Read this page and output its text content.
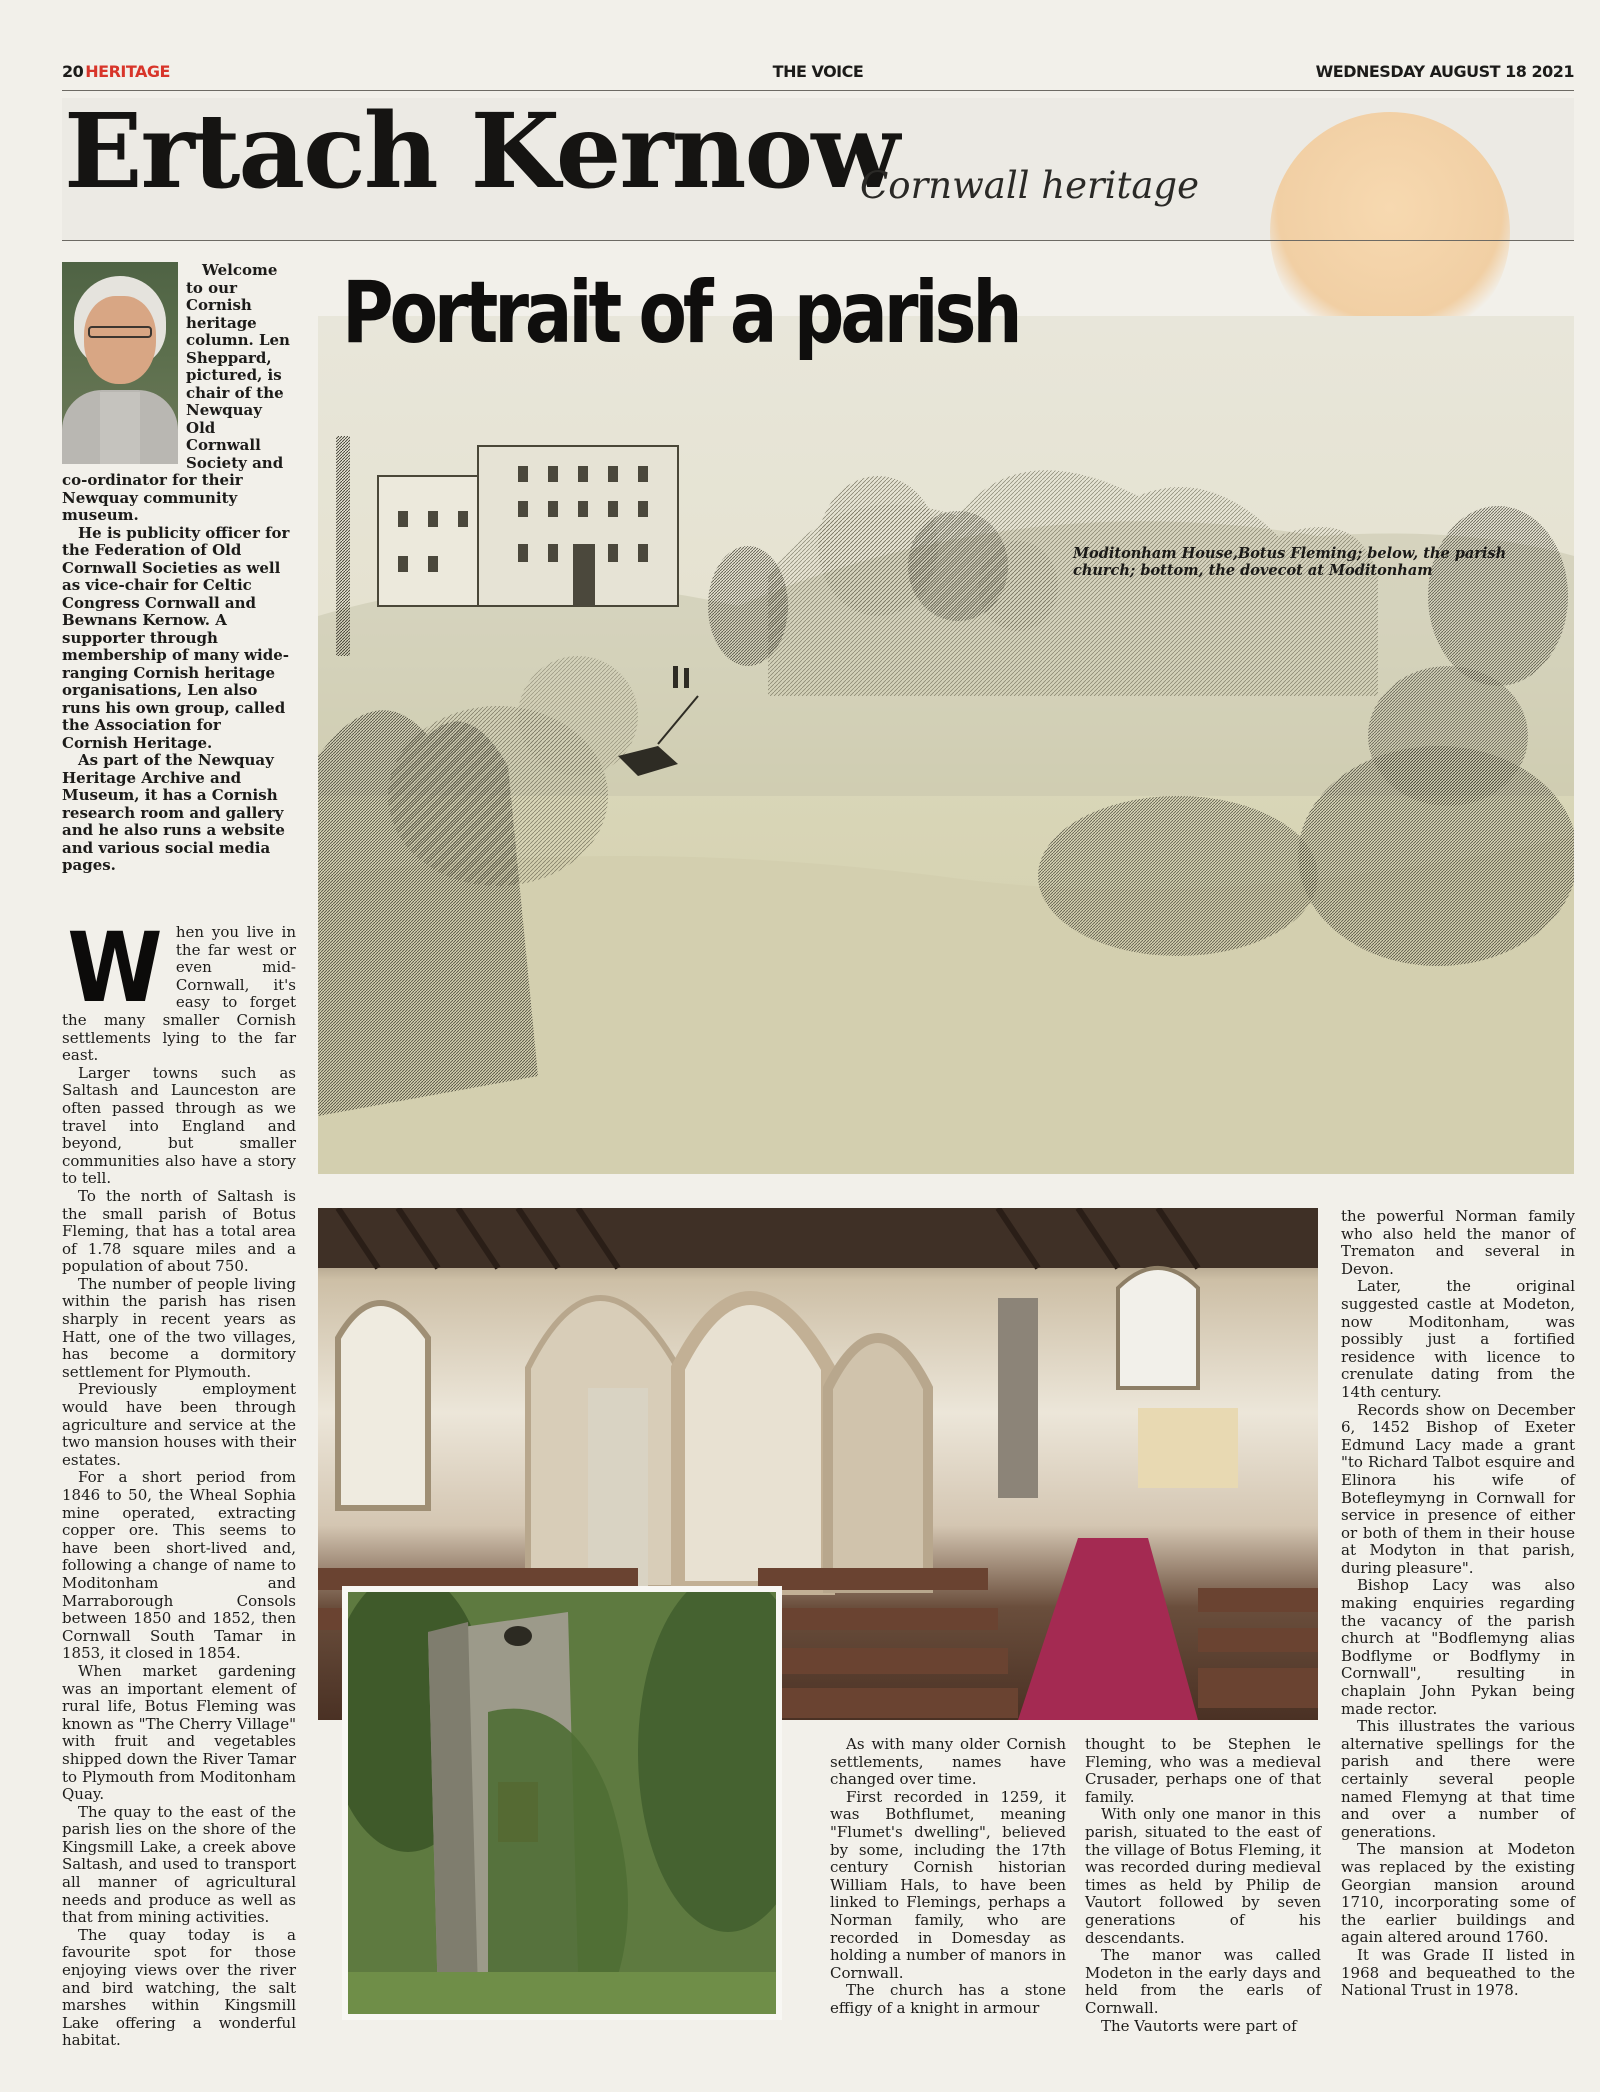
20 HERITAGE	THE VOICE	WEDNESDAY AUGUST 18 2021
Ertach Kernow
Cornwall heritage

Welcome to our Cornish heritage column. Len Sheppard, pictured, is chair of the Newquay Old Cornwall Society and co-ordinator for their Newquay community museum.

He is publicity officer for the Federation of Old Cornwall Societies as well as vice-chair for Celtic Congress Cornwall and Bewnans Kernow. A supporter through membership of many wide-ranging Cornish heritage organisations, Len also runs his own group, called the Association for Cornish Heritage.

As part of the Newquay Heritage Archive and Museum, it has a Cornish research room and gallery and he also runs a website and various social media pages.

Moditonham House,Botus Fleming; below, the parish church; bottom, the dovecot at Moditonham
Portrait of a parish

When you live in the far west or even mid-Cornwall, it's easy to forget the many smaller Cornish settlements lying to the far east.

Larger towns such as Saltash and Launceston are often passed through as we travel into England and beyond, but smaller communities also have a story to tell.

To the north of Saltash is the small parish of Botus Fleming, that has a total area of 1.78 square miles and a population of about 750.

The number of people living within the parish has risen sharply in recent years as Hatt, one of the two villages, has become a dormitory settlement for Plymouth.

Previously employment would have been through agriculture and service at the two mansion houses with their estates.

For a short period from 1846 to 50, the Wheal Sophia mine operated, extracting copper ore. This seems to have been short-lived and, following a change of name to Moditonham and Marraborough Consols between 1850 and 1852, then Cornwall South Tamar in 1853, it closed in 1854.

When market gardening was an important element of rural life, Botus Fleming was known as "The Cherry Village" with fruit and vegetables shipped down the River Tamar to Plymouth from Moditonham Quay.

The quay to the east of the parish lies on the shore of the Kingsmill Lake, a creek above Saltash, and used to transport all manner of agricultural needs and produce as well as that from mining activities.

The quay today is a favourite spot for those enjoying views over the river and bird watching, the salt marshes within Kingsmill Lake offering a wonderful habitat.

As with many older Cornish settlements, names have changed over time.

First recorded in 1259, it was Bothflumet, meaning "Flumet's dwelling", believed by some, including the 17th century Cornish historian William Hals, to have been linked to Flemings, perhaps a Norman family, who are recorded in Domesday as holding a number of manors in Cornwall.

The church has a stone effigy of a knight in armour

thought to be Stephen le Fleming, who was a medieval Crusader, perhaps one of that family.

With only one manor in this parish, situated to the east of the village of Botus Fleming, it was recorded during medieval times as held by Philip de Vautort followed by seven generations of his descendants.

The manor was called Modeton in the early days and held from the earls of Cornwall.

The Vautorts were part of

the powerful Norman family who also held the manor of Trematon and several in Devon.

Later, the original suggested castle at Modeton, now Moditonham, was possibly just a fortified residence with licence to crenulate dating from the 14th century.

Records show on December 6, 1452 Bishop of Exeter Edmund Lacy made a grant "to Richard Talbot esquire and Elinora his wife of Botefleymyng in Cornwall for service in presence of either or both of them in their house at Modyton in that parish, during pleasure".

Bishop Lacy was also making enquiries regarding the vacancy of the parish church at "Bodflemyng alias Bodflyme or Bodflymy in Cornwall", resulting in chaplain John Pykan being made rector.

This illustrates the various alternative spellings for the parish and there were certainly several people named Flemyng at that time and over a number of generations.

The mansion at Modeton was replaced by the existing Georgian mansion around 1710, incorporating some of the earlier buildings and again altered around 1760.

It was Grade II listed in 1968 and bequeathed to the National Trust in 1978.
